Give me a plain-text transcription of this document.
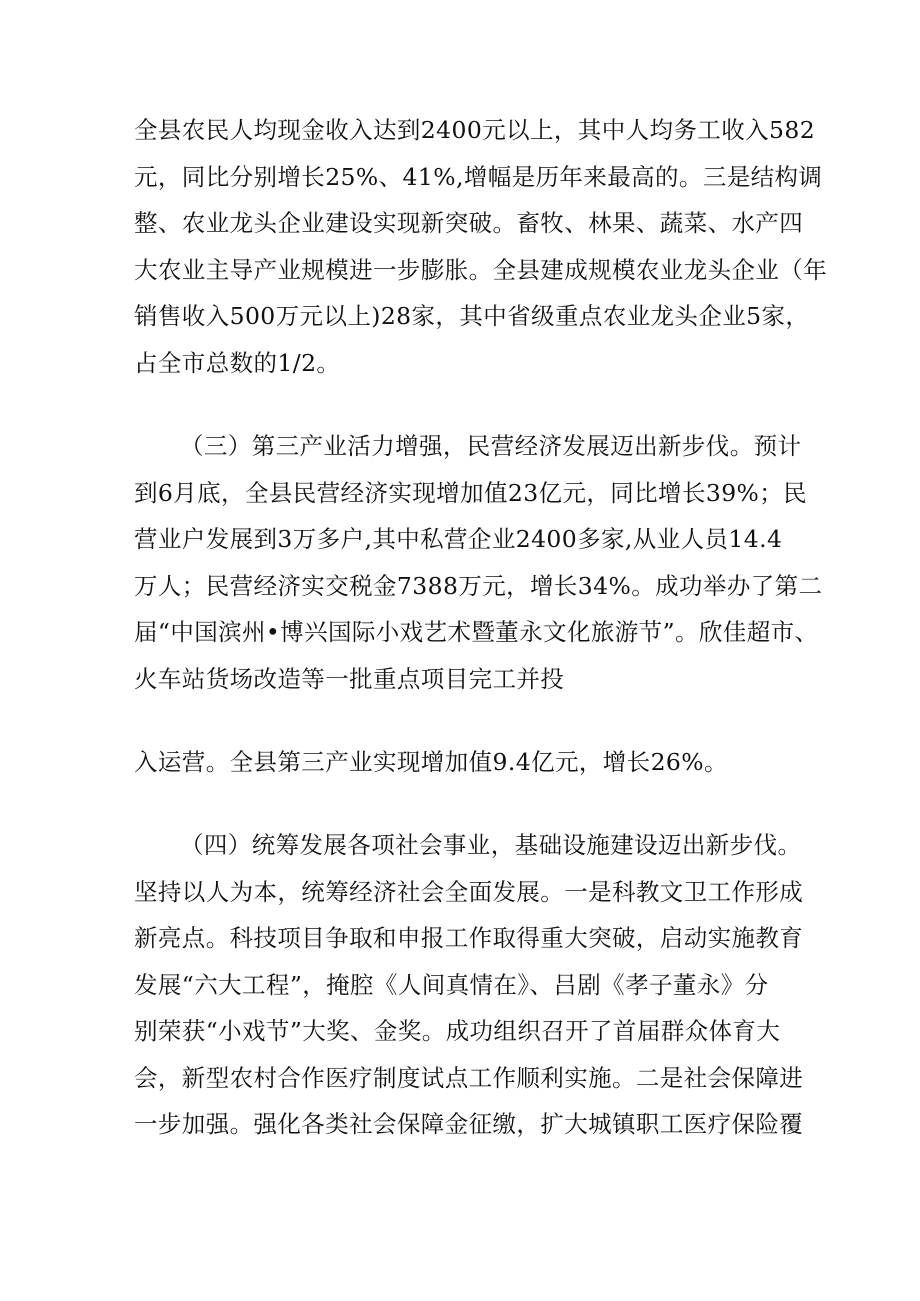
全县农民人均现金收入达到2400元以上，其中人均务工收入582
元，同比分别增长25%、41%,增幅是历年来最高的。三是结构调
整、农业龙头企业建设实现新突破。畜牧、林果、蔬菜、水产四
大农业主导产业规模进一步膨胀。全县建成规模农业龙头企业（年
销售收入500万元以上)28家，其中省级重点农业龙头企业5家，
占全市总数的1/2。
（三）第三产业活力增强，民营经济发展迈出新步伐。预计
到6月底，全县民营经济实现增加值23亿元，同比增长39%；民
营业户发展到3万多户,其中私营企业2400多家,从业人员14.4
万人；民营经济实交税金7388万元，增长34%。成功举办了第二
届“中国滨州•博兴国际小戏艺术暨董永文化旅游节”。欣佳超市、
火车站货场改造等一批重点项目完工并投
入运营。全县第三产业实现增加值9.4亿元，增长26%。
（四）统筹发展各项社会事业，基础设施建设迈出新步伐。
坚持以人为本，统筹经济社会全面发展。一是科教文卫工作形成
新亮点。科技项目争取和申报工作取得重大突破，启动实施教育
发展“六大工程”，掩腔《人间真情在》、吕剧《孝子董永》分
别荣获“小戏节”大奖、金奖。成功组织召开了首届群众体育大
会，新型农村合作医疗制度试点工作顺利实施。二是社会保障进
一步加强。强化各类社会保障金征缴，扩大城镇职工医疗保险覆
